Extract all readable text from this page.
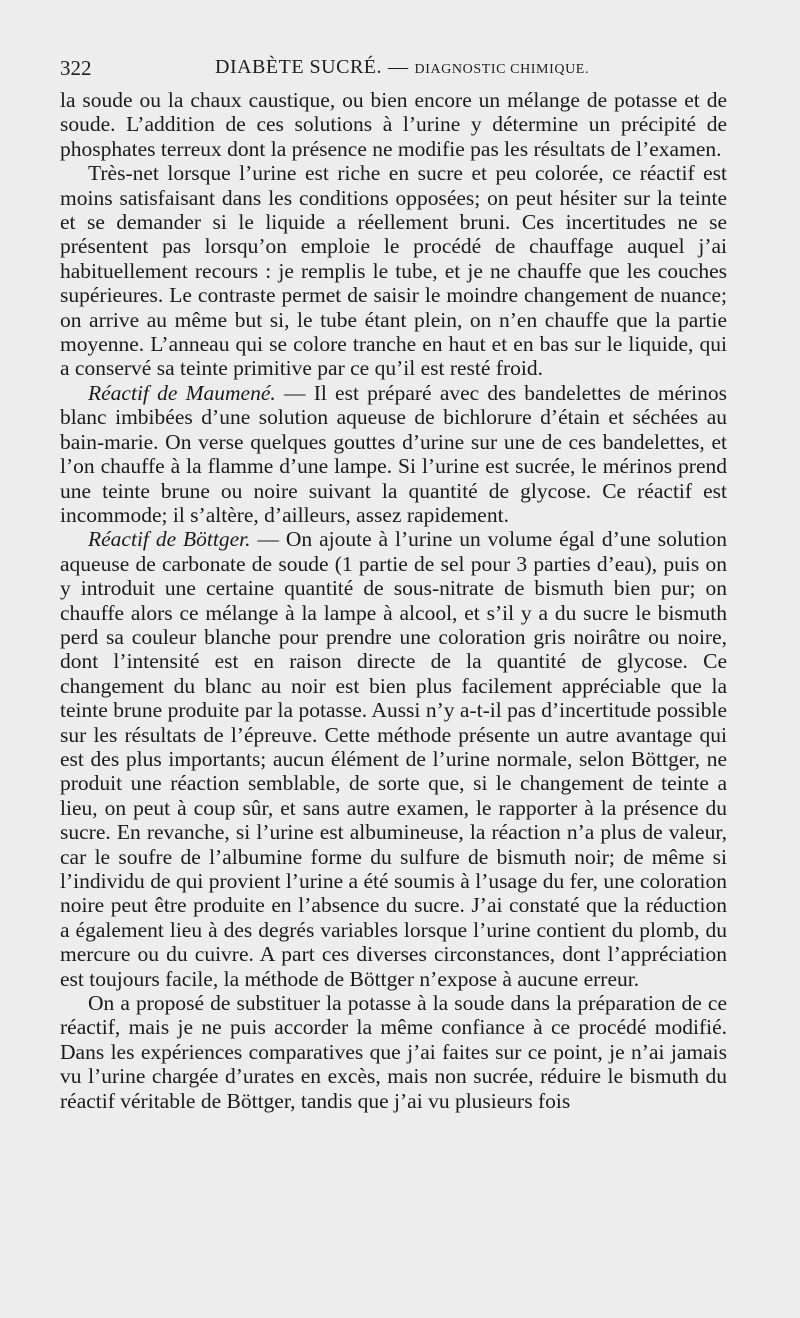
322	DIABÈTE SUCRÉ. — DIAGNOSTIC CHIMIQUE.

la soude ou la chaux caustique, ou bien encore un mélange de potasse et de soude. L’addition de ces solutions à l’urine y détermine un précipité de phosphates terreux dont la présence ne modifie pas les résultats de l’examen.

Très-net lorsque l’urine est riche en sucre et peu colorée, ce réactif est moins satisfaisant dans les conditions opposées; on peut hésiter sur la teinte et se demander si le liquide a réellement bruni. Ces incertitudes ne se présentent pas lorsqu’on emploie le procédé de chauffage auquel j’ai habituellement recours : je remplis le tube, et je ne chauffe que les couches supérieures. Le contraste permet de saisir le moindre changement de nuance; on arrive au même but si, le tube étant plein, on n’en chauffe que la partie moyenne. L’anneau qui se colore tranche en haut et en bas sur le liquide, qui a conservé sa teinte primitive par ce qu’il est resté froid.

Réactif de Maumené. — Il est préparé avec des bandelettes de mérinos blanc imbibées d’une solution aqueuse de bichlorure d’étain et séchées au bain-marie. On verse quelques gouttes d’urine sur une de ces bandelettes, et l’on chauffe à la flamme d’une lampe. Si l’urine est sucrée, le mérinos prend une teinte brune ou noire suivant la quantité de glycose. Ce réactif est incommode; il s’altère, d’ailleurs, assez rapidement.

Réactif de Böttger. — On ajoute à l’urine un volume égal d’une solution aqueuse de carbonate de soude (1 partie de sel pour 3 parties d’eau), puis on y introduit une certaine quantité de sous-nitrate de bismuth bien pur; on chauffe alors ce mélange à la lampe à alcool, et s’il y a du sucre le bismuth perd sa couleur blanche pour prendre une coloration gris noirâtre ou noire, dont l’intensité est en raison directe de la quantité de glycose. Ce changement du blanc au noir est bien plus facilement appréciable que la teinte brune produite par la potasse. Aussi n’y a-t-il pas d’incertitude possible sur les résultats de l’épreuve. Cette méthode présente un autre avantage qui est des plus importants; aucun élément de l’urine normale, selon Böttger, ne produit une réaction semblable, de sorte que, si le changement de teinte a lieu, on peut à coup sûr, et sans autre examen, le rapporter à la présence du sucre. En revanche, si l’urine est albumineuse, la réaction n’a plus de valeur, car le soufre de l’albumine forme du sulfure de bismuth noir; de même si l’individu de qui provient l’urine a été soumis à l’usage du fer, une coloration noire peut être produite en l’absence du sucre. J’ai constaté que la réduction a également lieu à des degrés variables lorsque l’urine contient du plomb, du mercure ou du cuivre. A part ces diverses circonstances, dont l’appréciation est toujours facile, la méthode de Böttger n’expose à aucune erreur.

On a proposé de substituer la potasse à la soude dans la préparation de ce réactif, mais je ne puis accorder la même confiance à ce procédé modifié. Dans les expériences comparatives que j’ai faites sur ce point, je n’ai jamais vu l’urine chargée d’urates en excès, mais non sucrée, réduire le bismuth du réactif véritable de Böttger, tandis que j’ai vu plusieurs fois
